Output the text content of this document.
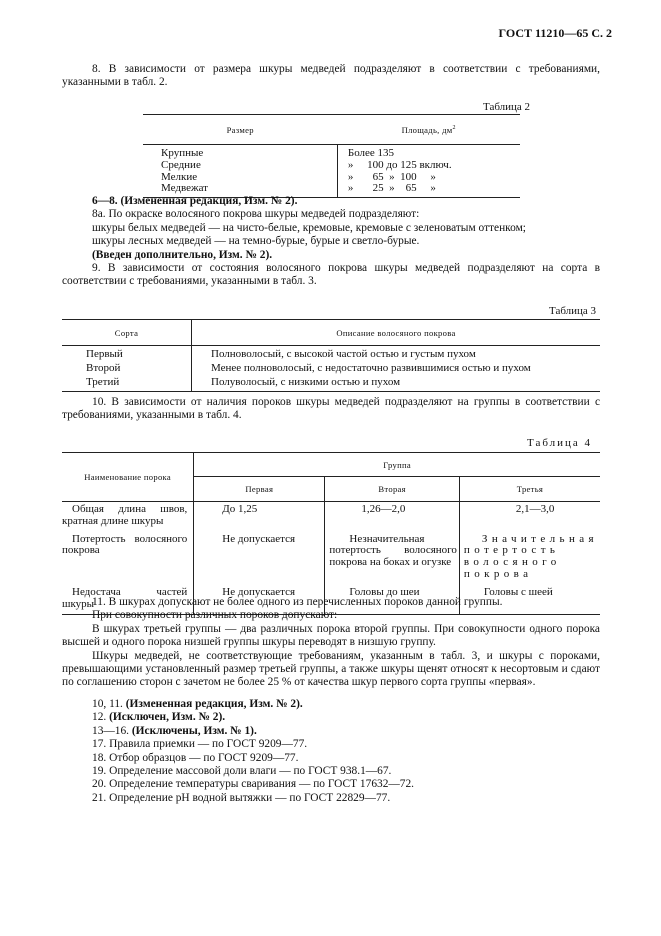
ГОСТ 11210—65 С. 2

8. В зависимости от размера шкуры медведей подразделяют в соответствии с требованиями, указанными в табл. 2.

Таблица 2
Размер	Площадь, $дм^2$
Крупные	Более 135
Средние	»     100 до 125 включ.
Мелкие	»       65  »  100     »
Медвежат	»       25  »    65     »

6—8. (Измененная редакция, Изм. № 2).

8а. По окраске волосяного покрова шкуры медведей подразделяют:

шкуры белых медведей — на чисто-белые, кремовые, кремовые с зеленоватым оттенком;

шкуры лесных медведей — на темно-бурые, бурые и светло-бурые.

(Введен дополнительно, Изм. № 2).

9. В зависимости от состояния волосяного покрова шкуры медведей подразделяют на сорта в соответствии с требованиями, указанными в табл. 3.

Таблица 3
Сорта	Описание волосяного покрова
Первый	Полноволосый, с высокой частой остью и густым пухом
Второй	Менее полноволосый, с недостаточно развившимися остью и пухом
Третий	Полуволосый, с низкими остью и пухом

10. В зависимости от наличия пороков шкуры медведей подразделяют на группы в соответствии с требованиями, указанными в табл. 4.

Таблица 4
Наименование порока	Группа		
	Первая	Вторая	Третья
Общая длина швов, кратная длине шкуры	До 1,25	1,26—2,0	2,1—3,0
Потертость волосяного покрова	Не допускается	Незначительная потертость волосяного покрова на боках и огузке	Значительная потертость волосяного покрова
Недостача частей шкуры	Не допускается	Головы до шеи	Головы с шеей

11. В шкурах допускают не более одного из перечисленных пороков данной группы.

При совокупности различных пороков допускают:

В шкурах третьей группы — два различных порока второй группы. При совокупности одного порока высшей и одного порока низшей группы шкуры переводят в низшую группу.

Шкуры медведей, не соответствующие требованиям, указанным в табл. 3, и шкуры с пороками, превышающими установленный размер третьей группы, а также шкуры щенят относят к несортовым и сдают по соглашению сторон с зачетом не более 25 % от качества шкур первого сорта группы «первая».

10, 11. (Измененная редакция, Изм. № 2).

12. (Исключен, Изм. № 2).

13—16. (Исключены, Изм. № 1).

17. Правила приемки — по ГОСТ 9209—77.

18. Отбор образцов — по ГОСТ 9209—77.

19. Определение массовой доли влаги — по ГОСТ 938.1—67.

20. Определение температуры сваривания — по ГОСТ 17632—72.

21. Определение pH водной вытяжки — по ГОСТ 22829—77.
